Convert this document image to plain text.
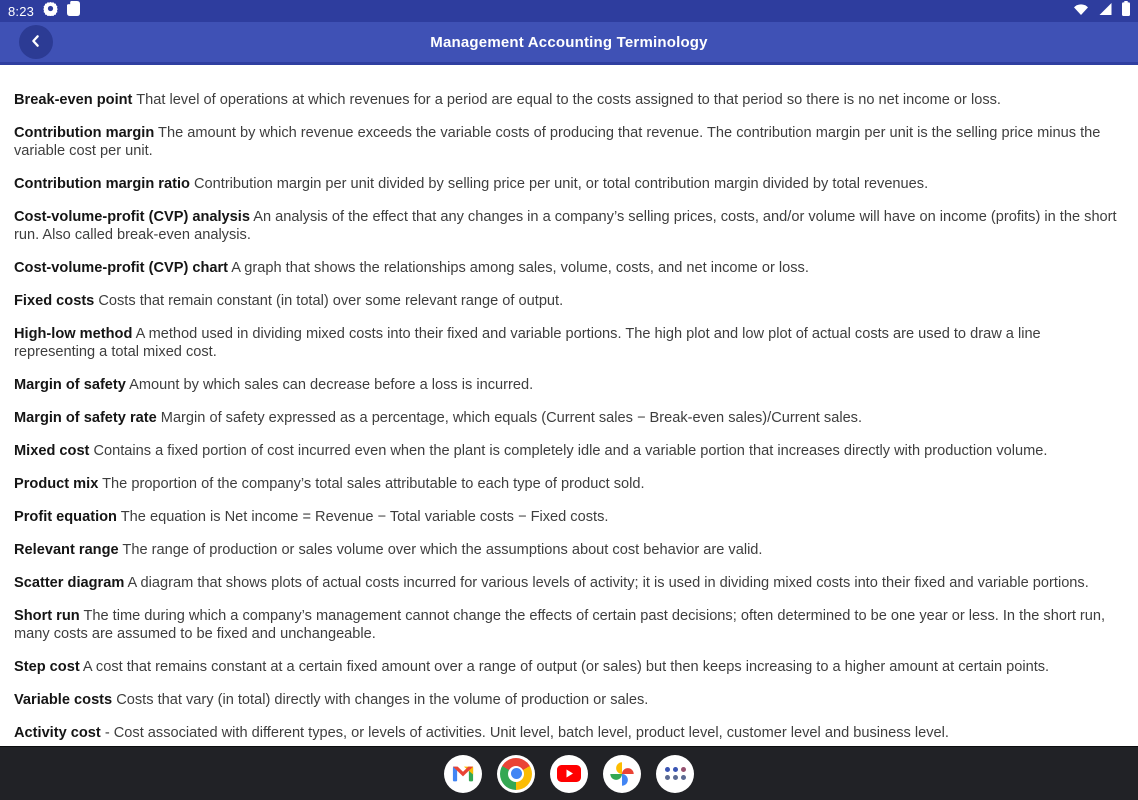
8:23
Management Accounting Terminology

Break-even point That level of operations at which revenues for a period are equal to the costs assigned to that period so there is no net income or loss.

Contribution margin The amount by which revenue exceeds the variable costs of producing that revenue. The contribution margin per unit is the selling price minus the variable cost per unit.

Contribution margin ratio Contribution margin per unit divided by selling price per unit, or total contribution margin divided by total revenues.

Cost-volume-profit (CVP) analysis An analysis of the effect that any changes in a company’s selling prices, costs, and/or volume will have on income (profits) in the short run. Also called break-even analysis.

Cost-volume-profit (CVP) chart A graph that shows the relationships among sales, volume, costs, and net income or loss.

Fixed costs Costs that remain constant (in total) over some relevant range of output.

High-low method A method used in dividing mixed costs into their fixed and variable portions. The high plot and low plot of actual costs are used to draw a line representing a total mixed cost.

Margin of safety Amount by which sales can decrease before a loss is incurred.

Margin of safety rate Margin of safety expressed as a percentage, which equals (Current sales − Break-even sales)/Current sales.

Mixed cost Contains a fixed portion of cost incurred even when the plant is completely idle and a variable portion that increases directly with production volume.

Product mix The proportion of the company’s total sales attributable to each type of product sold.

Profit equation The equation is Net income = Revenue − Total variable costs − Fixed costs.

Relevant range The range of production or sales volume over which the assumptions about cost behavior are valid.

Scatter diagram A diagram that shows plots of actual costs incurred for various levels of activity; it is used in dividing mixed costs into their fixed and variable portions.

Short run The time during which a company’s management cannot change the effects of certain past decisions; often determined to be one year or less. In the short run, many costs are assumed to be fixed and unchangeable.

Step cost A cost that remains constant at a certain fixed amount over a range of output (or sales) but then keeps increasing to a higher amount at certain points.

Variable costs Costs that vary (in total) directly with changes in the volume of production or sales.

Activity cost - Cost associated with different types, or levels of activities. Unit level, batch level, product level, customer level and business level.
